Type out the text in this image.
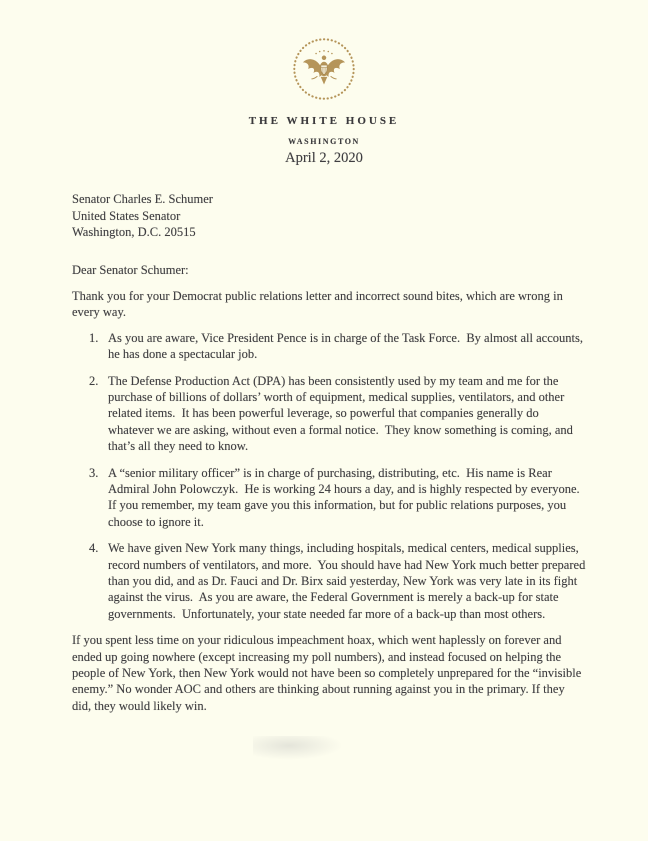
THE WHITE HOUSE
WASHINGTON
April 2, 2020
Senator Charles E. Schumer
United States Senator
Washington, D.C. 20515
Dear Senator Schumer:
Thank you for your Democrat public relations letter and incorrect sound bites, which are wrong in every way.
1. As you are aware, Vice President Pence is in charge of the Task Force.  By almost all accounts, he has done a spectacular job.
2. The Defense Production Act (DPA) has been consistently used by my team and me for the purchase of billions of dollars’ worth of equipment, medical supplies, ventilators, and other related items.  It has been powerful leverage, so powerful that companies generally do whatever we are asking, without even a formal notice.  They know something is coming, and that’s all they need to know.
3. A “senior military officer” is in charge of purchasing, distributing, etc.  His name is Rear Admiral John Polowczyk.  He is working 24 hours a day, and is highly respected by everyone.  If you remember, my team gave you this information, but for public relations purposes, you choose to ignore it.
4. We have given New York many things, including hospitals, medical centers, medical supplies, record numbers of ventilators, and more.  You should have had New York much better prepared than you did, and as Dr. Fauci and Dr. Birx said yesterday, New York was very late in its fight against the virus.  As you are aware, the Federal Government is merely a back-up for state governments.  Unfortunately, your state needed far more of a back-up than most others.
If you spent less time on your ridiculous impeachment hoax, which went haplessly on forever and ended up going nowhere (except increasing my poll numbers), and instead focused on helping the people of New York, then New York would not have been so completely unprepared for the “invisible enemy.” No wonder AOC and others are thinking about running against you in the primary. If they did, they would likely win.
